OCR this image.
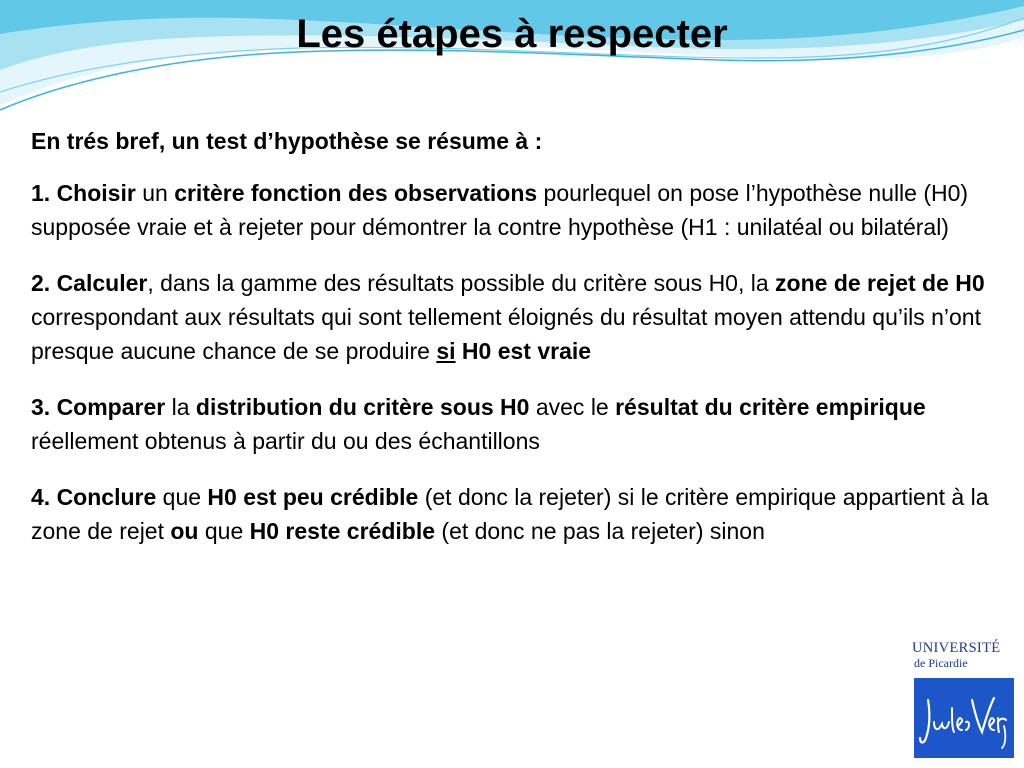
Les étapes à respecter

En trés bref, un test d’hypothèse se résume à :

1. Choisir un critère fonction des observations pourlequel on pose l’hypothèse nulle (H0) supposée vraie et à rejeter pour démontrer la contre hypothèse (H1 : unilatéal ou bilatéral)

2. Calculer, dans la gamme des résultats possible du critère sous H0, la zone de rejet de H0 correspondant aux résultats qui sont tellement éloignés du résultat moyen attendu qu’ils n’ont presque aucune chance de se produire si H0 est vraie

3. Comparer la distribution du critère sous H0 avec le résultat du critère empirique réellement obtenus à partir du ou des échantillons

4. Conclure que H0 est peu crédible (et donc la rejeter) si le critère empirique appartient à la zone de rejet ou que H0 reste crédible (et donc ne pas la rejeter) sinon

UNIVERSITÉ
de Picardie
